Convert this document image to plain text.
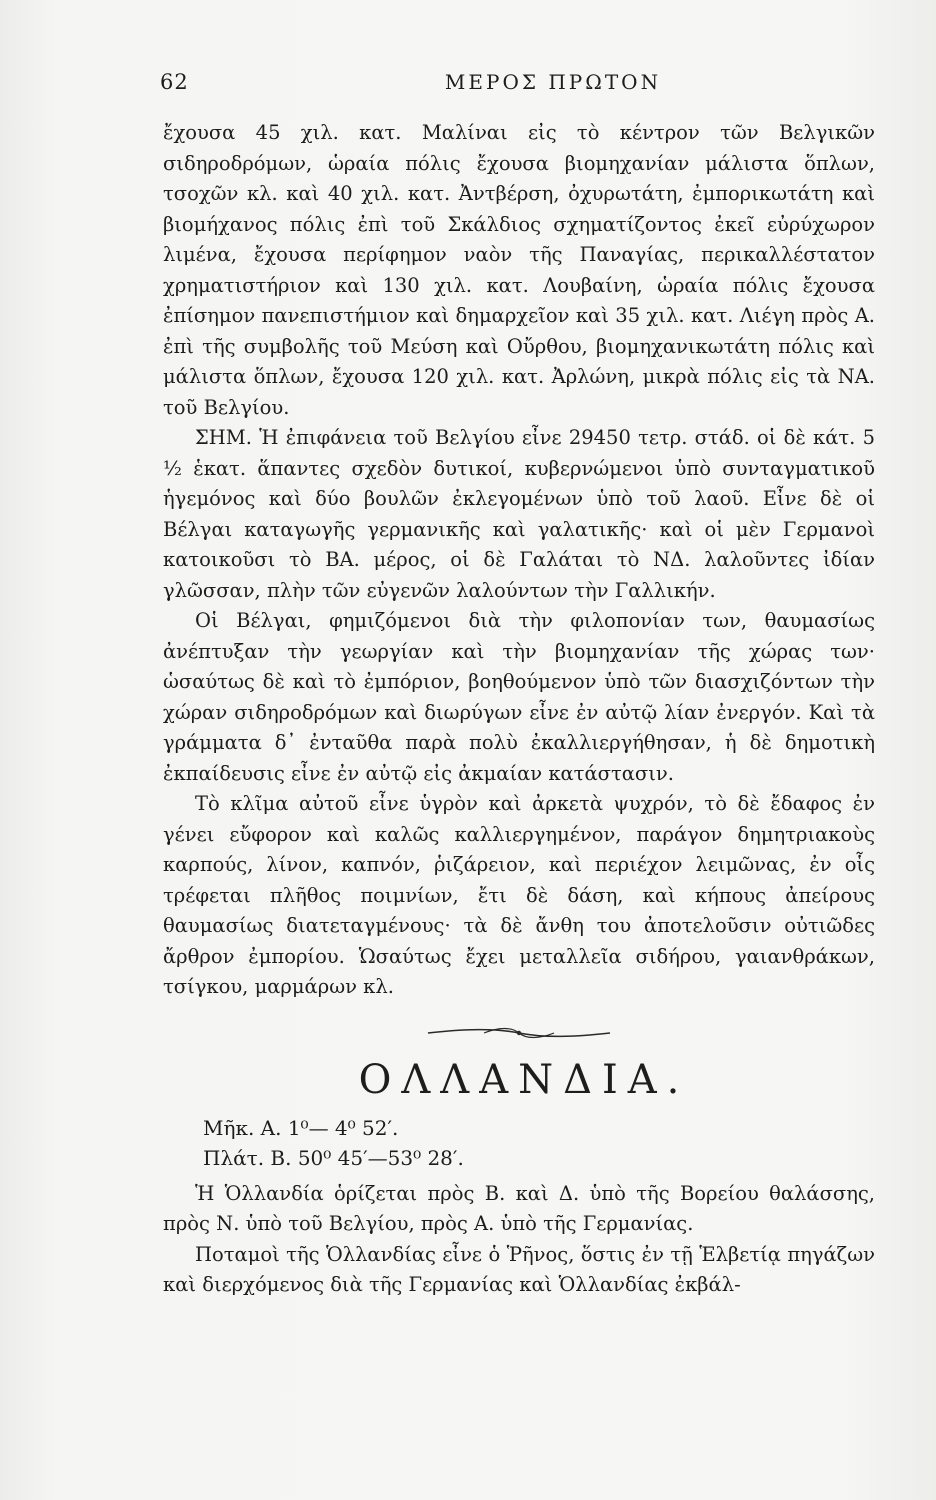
62	ΜΕΡΟΣ ΠΡΩΤΟΝ

ἔχουσα 45 χιλ. κατ. Μαλίναι εἰς τὸ κέντρον τῶν Βελγικῶν σιδηροδρόμων, ὡραία πόλις ἔχουσα βιομηχανίαν μάλιστα ὅπλων, τσοχῶν κλ. καὶ 40 χιλ. κατ. Ἀντβέρση, ὀχυρωτάτη, ἐμπορικωτάτη καὶ βιομήχανος πόλις ἐπὶ τοῦ Σκάλδιος σχηματίζοντος ἐκεῖ εὐρύχωρον λιμένα, ἔχουσα περίφημον ναὸν τῆς Παναγίας, περικαλλέστατον χρηματιστήριον καὶ 130 χιλ. κατ. Λουβαίνη, ὡραία πόλις ἔχουσα ἐπίσημον πανεπιστήμιον καὶ δημαρχεῖον καὶ 35 χιλ. κατ. Λιέγη πρὸς Α. ἐπὶ τῆς συμβολῆς τοῦ Μεύση καὶ Οὔρθου, βιομηχανικωτάτη πόλις καὶ μάλιστα ὅπλων, ἔχουσα 120 χιλ. κατ. Ἀρλώνη, μικρὰ πόλις εἰς τὰ ΝΑ. τοῦ Βελγίου.

ΣΗΜ. Ἡ ἐπιφάνεια τοῦ Βελγίου εἶνε 29450 τετρ. στάδ. οἱ δὲ κάτ. 5 ½ ἑκατ. ἅπαντες σχεδὸν δυτικοί, κυβερνώμενοι ὑπὸ συνταγματικοῦ ἡγεμόνος καὶ δύο βουλῶν ἐκλεγομένων ὑπὸ τοῦ λαοῦ. Εἶνε δὲ οἱ Βέλγαι καταγωγῆς γερμανικῆς καὶ γαλατικῆς· καὶ οἱ μὲν Γερμανοὶ κατοικοῦσι τὸ ΒΑ. μέρος, οἱ δὲ Γαλάται τὸ ΝΔ. λαλοῦντες ἰδίαν γλῶσσαν, πλὴν τῶν εὐγενῶν λαλούντων τὴν Γαλλικήν.

Οἱ Βέλγαι, φημιζόμενοι διὰ τὴν φιλοπονίαν των, θαυμασίως ἀνέπτυξαν τὴν γεωργίαν καὶ τὴν βιομηχανίαν τῆς χώρας των· ὡσαύτως δὲ καὶ τὸ ἐμπόριον, βοηθούμενον ὑπὸ τῶν διασχιζόντων τὴν χώραν σιδηροδρόμων καὶ διωρύγων εἶνε ἐν αὐτῷ λίαν ἐνεργόν. Καὶ τὰ γράμματα δ᾽ ἐνταῦθα παρὰ πολὺ ἐκαλλιεργήθησαν, ἡ δὲ δημοτικὴ ἐκπαίδευσις εἶνε ἐν αὐτῷ εἰς ἀκμαίαν κατάστασιν.

Τὸ κλῖμα αὐτοῦ εἶνε ὑγρὸν καὶ ἀρκετὰ ψυχρόν, τὸ δὲ ἔδαφος ἐν γένει εὔφορον καὶ καλῶς καλλιεργημένον, παράγον δημητριακοὺς καρπούς, λίνον, καπνόν, ῥιζάρειον, καὶ περιέχον λειμῶνας, ἐν οἷς τρέφεται πλῆθος ποιμνίων, ἔτι δὲ δάση, καὶ κήπους ἀπείρους θαυμασίως διατεταγμένους· τὰ δὲ ἄνθη του ἀποτελοῦσιν οὐτιῶδες ἄρθρον ἐμπορίου. Ὡσαύτως ἔχει μεταλλεῖα σιδήρου, γαιανθράκων, τσίγκου, μαρμάρων κλ.

ΟΛΛΑΝΔΙΑ.
Μῆκ. Α. 1⁰— 4⁰ 52′.
Πλάτ. Β. 50⁰ 45′—53⁰ 28′.

Ἡ Ὁλλανδία ὁρίζεται πρὸς Β. καὶ Δ. ὑπὸ τῆς Βορείου θαλάσσης, πρὸς Ν. ὑπὸ τοῦ Βελγίου, πρὸς Α. ὑπὸ τῆς Γερμανίας.

Ποταμοὶ τῆς Ὁλλανδίας εἶνε ὁ Ῥῆνος, ὅστις ἐν τῇ Ἑλβετίᾳ πηγάζων καὶ διερχόμενος διὰ τῆς Γερμανίας καὶ Ὁλλανδίας ἐκβάλ-
